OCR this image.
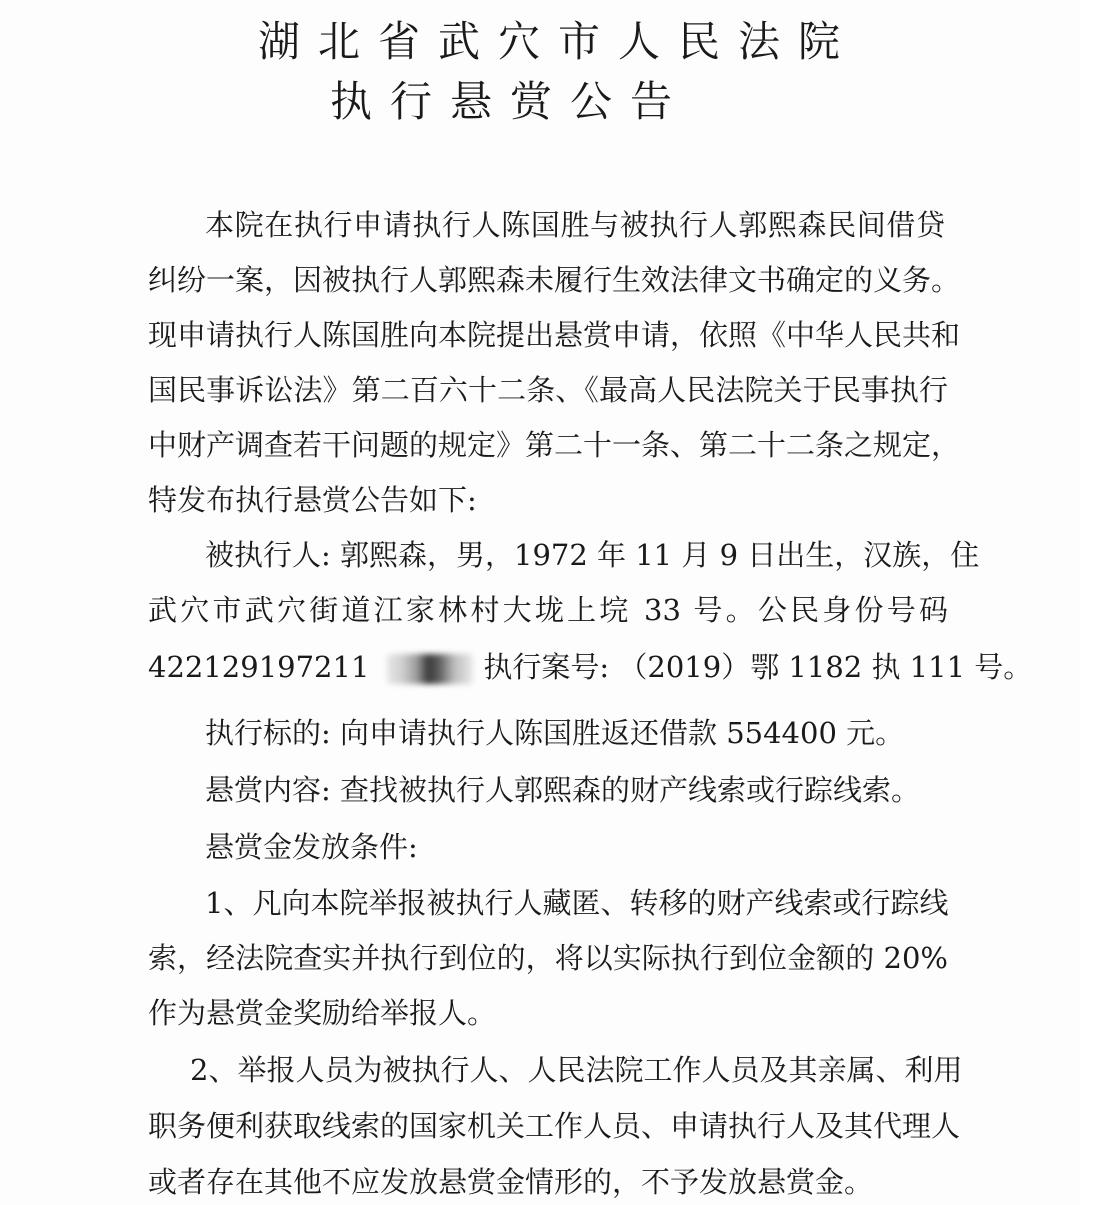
湖北省武穴市人民法院
执行悬赏公告
本院在执行申请执行人陈国胜与被执行人郭熙森民间借贷
纠纷一案，因被执行人郭熙森未履行生效法律文书确定的义务。
现申请执行人陈国胜向本院提出悬赏申请，依照《中华人民共和
国民事诉讼法》第二百六十二条、《最高人民法院关于民事执行
中财产调查若干问题的规定》第二十一条、第二十二条之规定，
特发布执行悬赏公告如下:
被执行人: 郭熙森，男，1972 年 11 月 9 日出生，汉族，住
武穴市武穴街道江家林村大垅上垸 33 号。公民身份号码
422129197211	执行案号: （2019）鄂 1182 执 111 号。
执行标的: 向申请执行人陈国胜返还借款 554400 元。
悬赏内容: 查找被执行人郭熙森的财产线索或行踪线索。
悬赏金发放条件:
1、凡向本院举报被执行人藏匿、转移的财产线索或行踪线
索，经法院查实并执行到位的，将以实际执行到位金额的 20%
作为悬赏金奖励给举报人。
2、举报人员为被执行人、人民法院工作人员及其亲属、利用
职务便利获取线索的国家机关工作人员、申请执行人及其代理人
或者存在其他不应发放悬赏金情形的，不予发放悬赏金。
